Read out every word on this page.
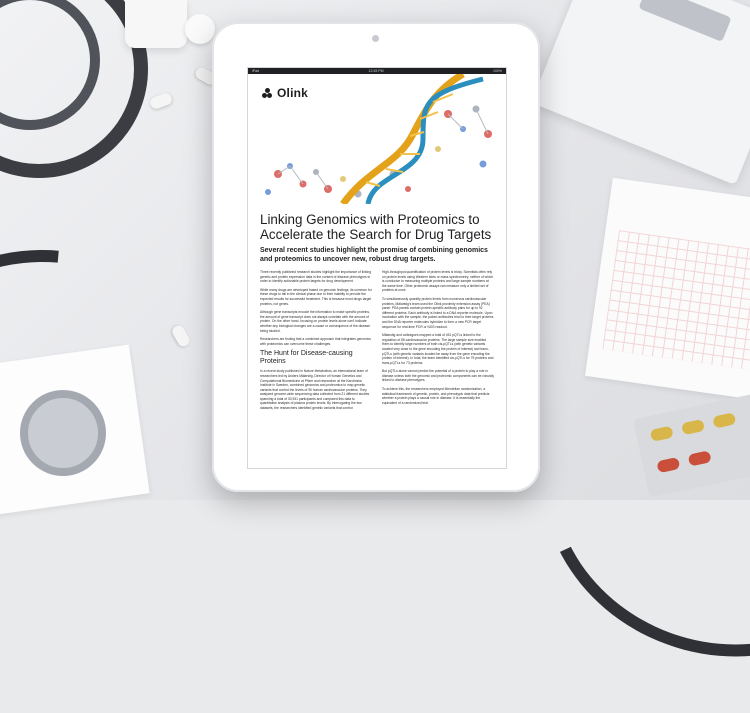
iPad	12:45 PM	100%
Olink
Linking Genomics with Proteomics to
Accelerate the Search for Drug Targets

Several recent studies highlight the promise of combining genomics and proteomics to uncover new, robust drug targets.

Three recently published research studies highlight the importance of linking genetic and protein expression data in the context of disease phenotypes in order to identify actionable protein targets for drug development.

While many drugs are developed based on genomic findings, its common for these drugs to fail in the clinical phase due to their inability to provide the expected results for successful treatment. This is because most drugs target proteins, not genes.

Although gene transcripts encode the information to make specific proteins, the amount of gene transcript does not always correlate with the amount of protein. On the other hand, focusing on protein levels alone can't indicate whether any biological changes are a cause or consequence of the disease being studied.

Researchers are finding that a combined approach that integrates genomics with proteomics can overcome these challenges.

The Hunt for Disease-causing Proteins

In a recent study published in Nature Metabolism, an international team of researchers led by Anders Mälarstig, Director of Human Genetics and Computational Biomedicine at Pfizer and researcher at the Karolinska Institute in Sweden, combined genomics and proteomics to map genetic variants that control the levels of 90 human cardiovascular proteins. They analyzed genome-wide sequencing data collected from 21 different studies spanning a total of 30,931 participants and compared this data to quantitative analysis of plasma protein levels. By interrogating the two datasets, the researchers identified genetic variants that control

High-throughput quantification of protein levels is tricky. Scientists often rely on protein levels using Western blots or mass spectrometry, neither of which is conducive to measuring multiple proteins and large sample numbers at the same time. Other proteomic assays can measure only a limited set of proteins at once.

To simultaneously quantify protein levels from numerous cardiovascular proteins, Mälarstig's team used the Olink proximity extension assay (PEA) panel. PEA panels contain protein-specific antibody pairs for up to 92 different proteins. Each antibody is linked to a DNA reporter molecule. Upon incubation with the sample, the paired antibodies bind to their target proteins and the DNA reporter molecules hybridize to form a new PCR target sequence for real-time PCR or NGS readout.

Mälarstig and colleagues mapped a total of 451 pQTLs linked to the regulation of 85 cardiovascular proteins. The large sample size enabled them to identify large numbers of both cis-pQTLs (with genetic variants located very close to the gene encoding the protein of interest) and trans-pQTLs (with genetic variants located far away from the gene encoding the protein of interest). In total, the team identified cis-pQTLs for 79 proteins and trans-pQTLs for 73 proteins.

But pQTLs alone cannot predict the potential of a protein to play a role in disease unless both the genomic and proteomic components can be robustly linked to disease phenotypes.

To achieve this, the researchers employed Mendelian randomization, a statistical framework of genetic, protein, and phenotypic data that predicts whether a protein plays a causal role in disease. It is essentially the equivalent of a randomized trial.
